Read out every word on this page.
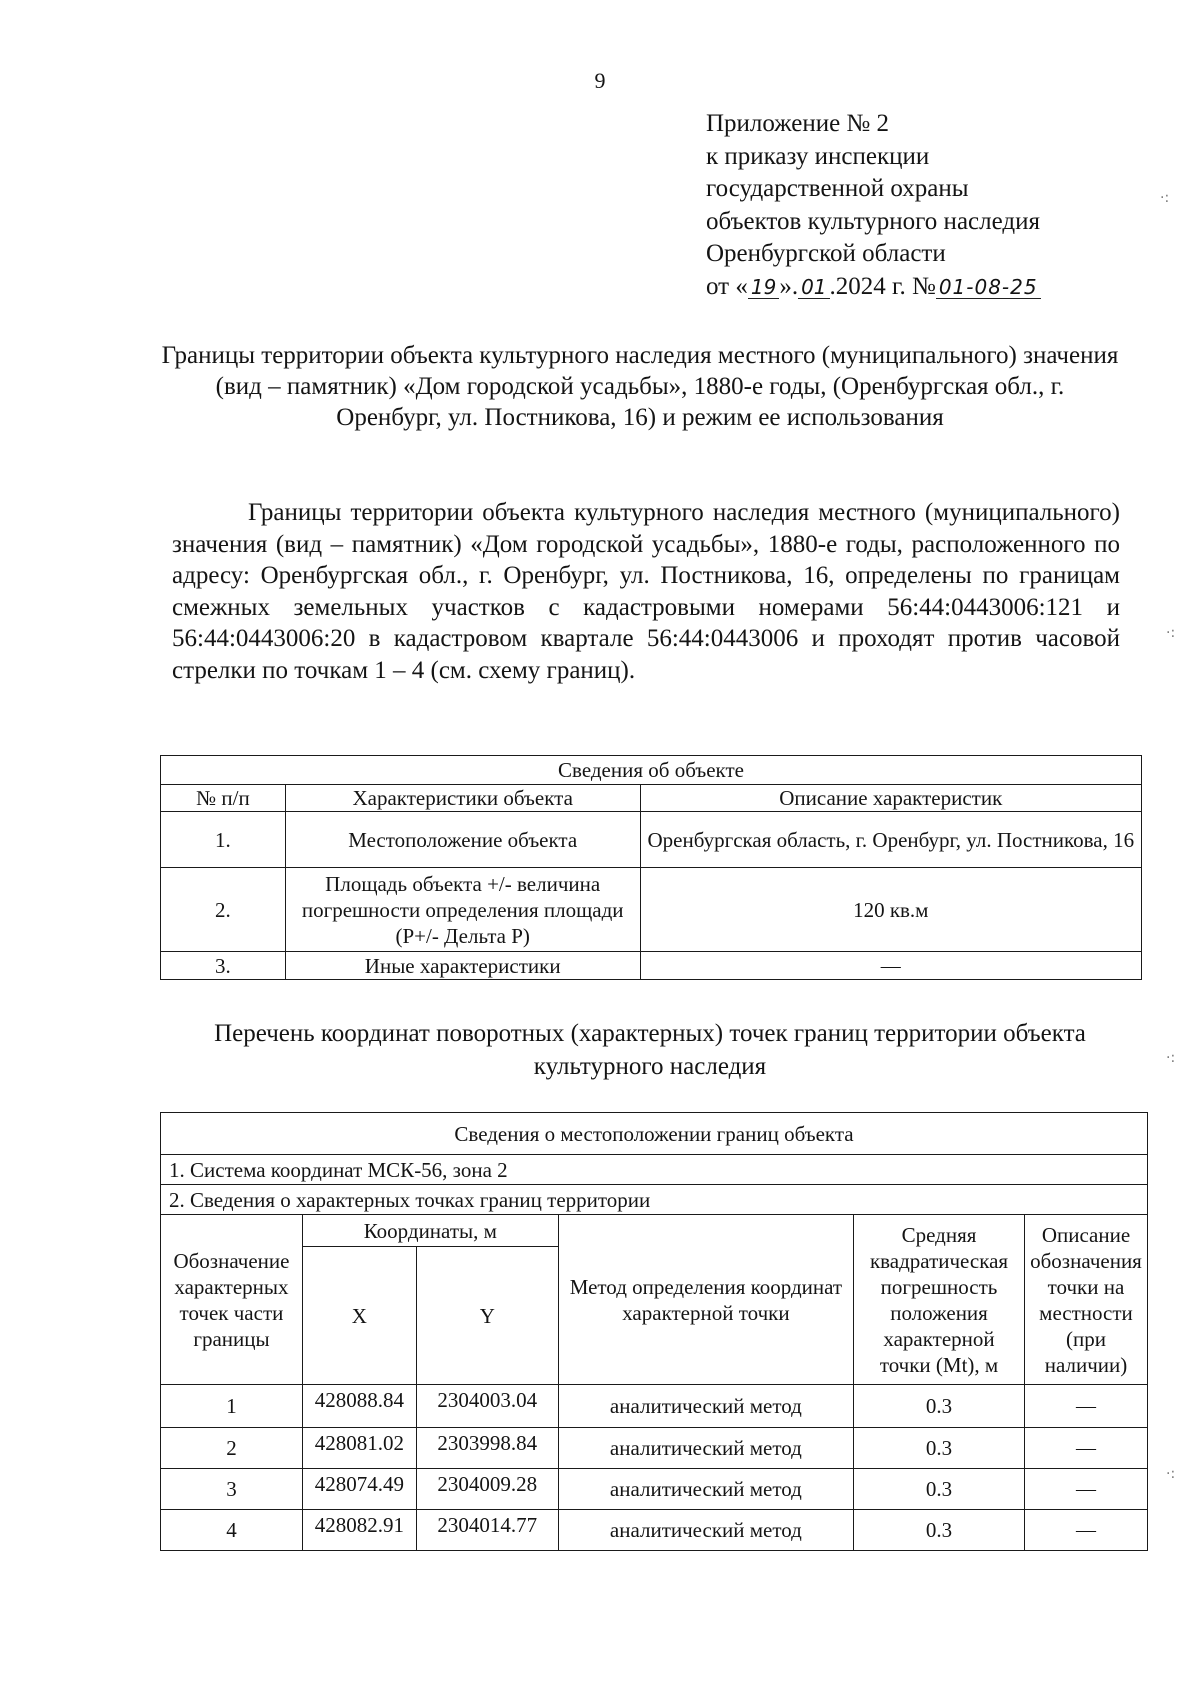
9
Приложение № 2
к приказу инспекции
государственной охраны
объектов культурного наследия
Оренбургской области
от « 19 ». 01 .2024 г. № 01-08-25
Границы территории объекта культурного наследия местного (муниципального) значения (вид – памятник) «Дом городской усадьбы», 1880-е годы, (Оренбургская обл., г. Оренбург, ул. Постникова, 16) и режим ее использования
Границы территории объекта культурного наследия местного (муниципального) значения (вид – памятник) «Дом городской усадьбы», 1880-е годы, расположенного по адресу: Оренбургская обл., г. Оренбург, ул. Постникова, 16, определены по границам смежных земельных участков с кадастровыми номерами 56:44:0443006:121 и 56:44:0443006:20 в кадастровом квартале 56:44:0443006 и проходят против часовой стрелки по точкам 1 – 4 (см. схему границ).
Сведения об объекте		
№ п/п	Характеристики объекта	Описание характеристик
1.	Местоположение объекта	Оренбургская область, г. Оренбург, ул. Постникова, 16
2.	Площадь объекта +/- величина погрешности определения площади (Р+/- Дельта Р)	120 кв.м
3.	Иные характеристики	—
Перечень координат поворотных (характерных) точек границ территории объекта культурного наследия
Сведения о местоположении границ объекта					
1. Система координат МСК-56, зона 2					
2. Сведения о характерных точках границ территории					
Обозначение характерных точек части границы	Координаты, м		Метод определения координат характерной точки	Средняя квадратическая погрешность положения характерной точки (Mt), м	Описание обозначения точки на местности (при наличии)
	X	Y			
1	428088.84	2304003.04	аналитический метод	0.3	—
2	428081.02	2303998.84	аналитический метод	0.3	—
3	428074.49	2304009.28	аналитический метод	0.3	—
4	428082.91	2304014.77	аналитический метод	0.3	—
·:
·:
·:
·:
